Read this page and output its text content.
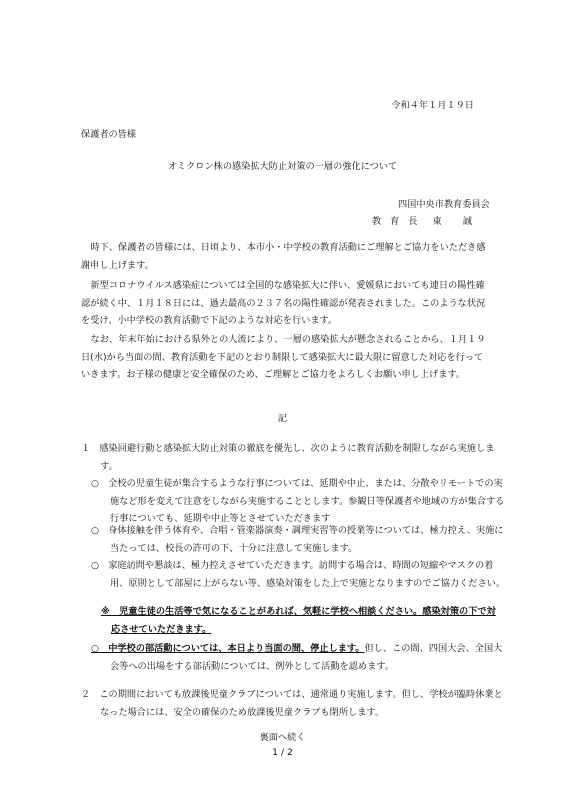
令和４年１月１９日
保護者の皆様
オミクロン株の感染拡大防止対策の一層の強化について
四国中央市教育委員会
教 育 長　東　 誠

時下、保護者の皆様には、日頃より、本市小・中学校の教育活動にご理解とご協力をいただき感謝申し上げます。

新型コロナウイルス感染症については全国的な感染拡大に伴い、愛媛県においても連日の陽性確認が続く中、１月１８日には、過去最高の２３７名の陽性確認が発表されました。このような状況を受け、小中学校の教育活動で下記のような対応を行います。

なお、年末年始における県外との人流により、一層の感染拡大が懸念されることから、１月１９日(水)から当面の間、教育活動を下記のとおり制限して感染拡大に最大限に留意した対応を行っていきます。お子様の健康と安全確保のため、ご理解とご協力をよろしくお願い申し上げます。

記

１　感染回避行動と感染拡大防止対策の徹底を優先し、次のように教育活動を制限しながら実施します。

○　全校の児童生徒が集合するような行事については、延期や中止、または、分散やリモートでの実施など形を変えて注意をしながら実施することとします。参観日等保護者や地域の方が集合する行事についても、延期や中止等とさせていただきます

○　身体接触を伴う体育や、合唱・管楽器演奏・調理実習等の授業等については、極力控え、実施に当たっては、校長の許可の下、十分に注意して実施します。

○　家庭訪問や懇談は、極力控えさせていただきます。訪問する場合は、時間の短縮やマスクの着用、原則として部屋に上がらない等、感染対策をした上で実施となりますのでご協力ください。

※　児童生徒の生活等で気になることがあれば、気軽に学校へ相談ください。感染対策の下で対応させていただきます。

○　中学校の部活動については、本日より当面の間、停止します。但し、この間、四国大会、全国大会等への出場をする部活動については、例外として活動を認めます。

２　この期間においても放課後児童クラブについては、通常通り実施します。但し、学校が臨時休業となった場合には、安全の確保のため放課後児童クラブも閉所します。

裏面へ続く
1 / 2
